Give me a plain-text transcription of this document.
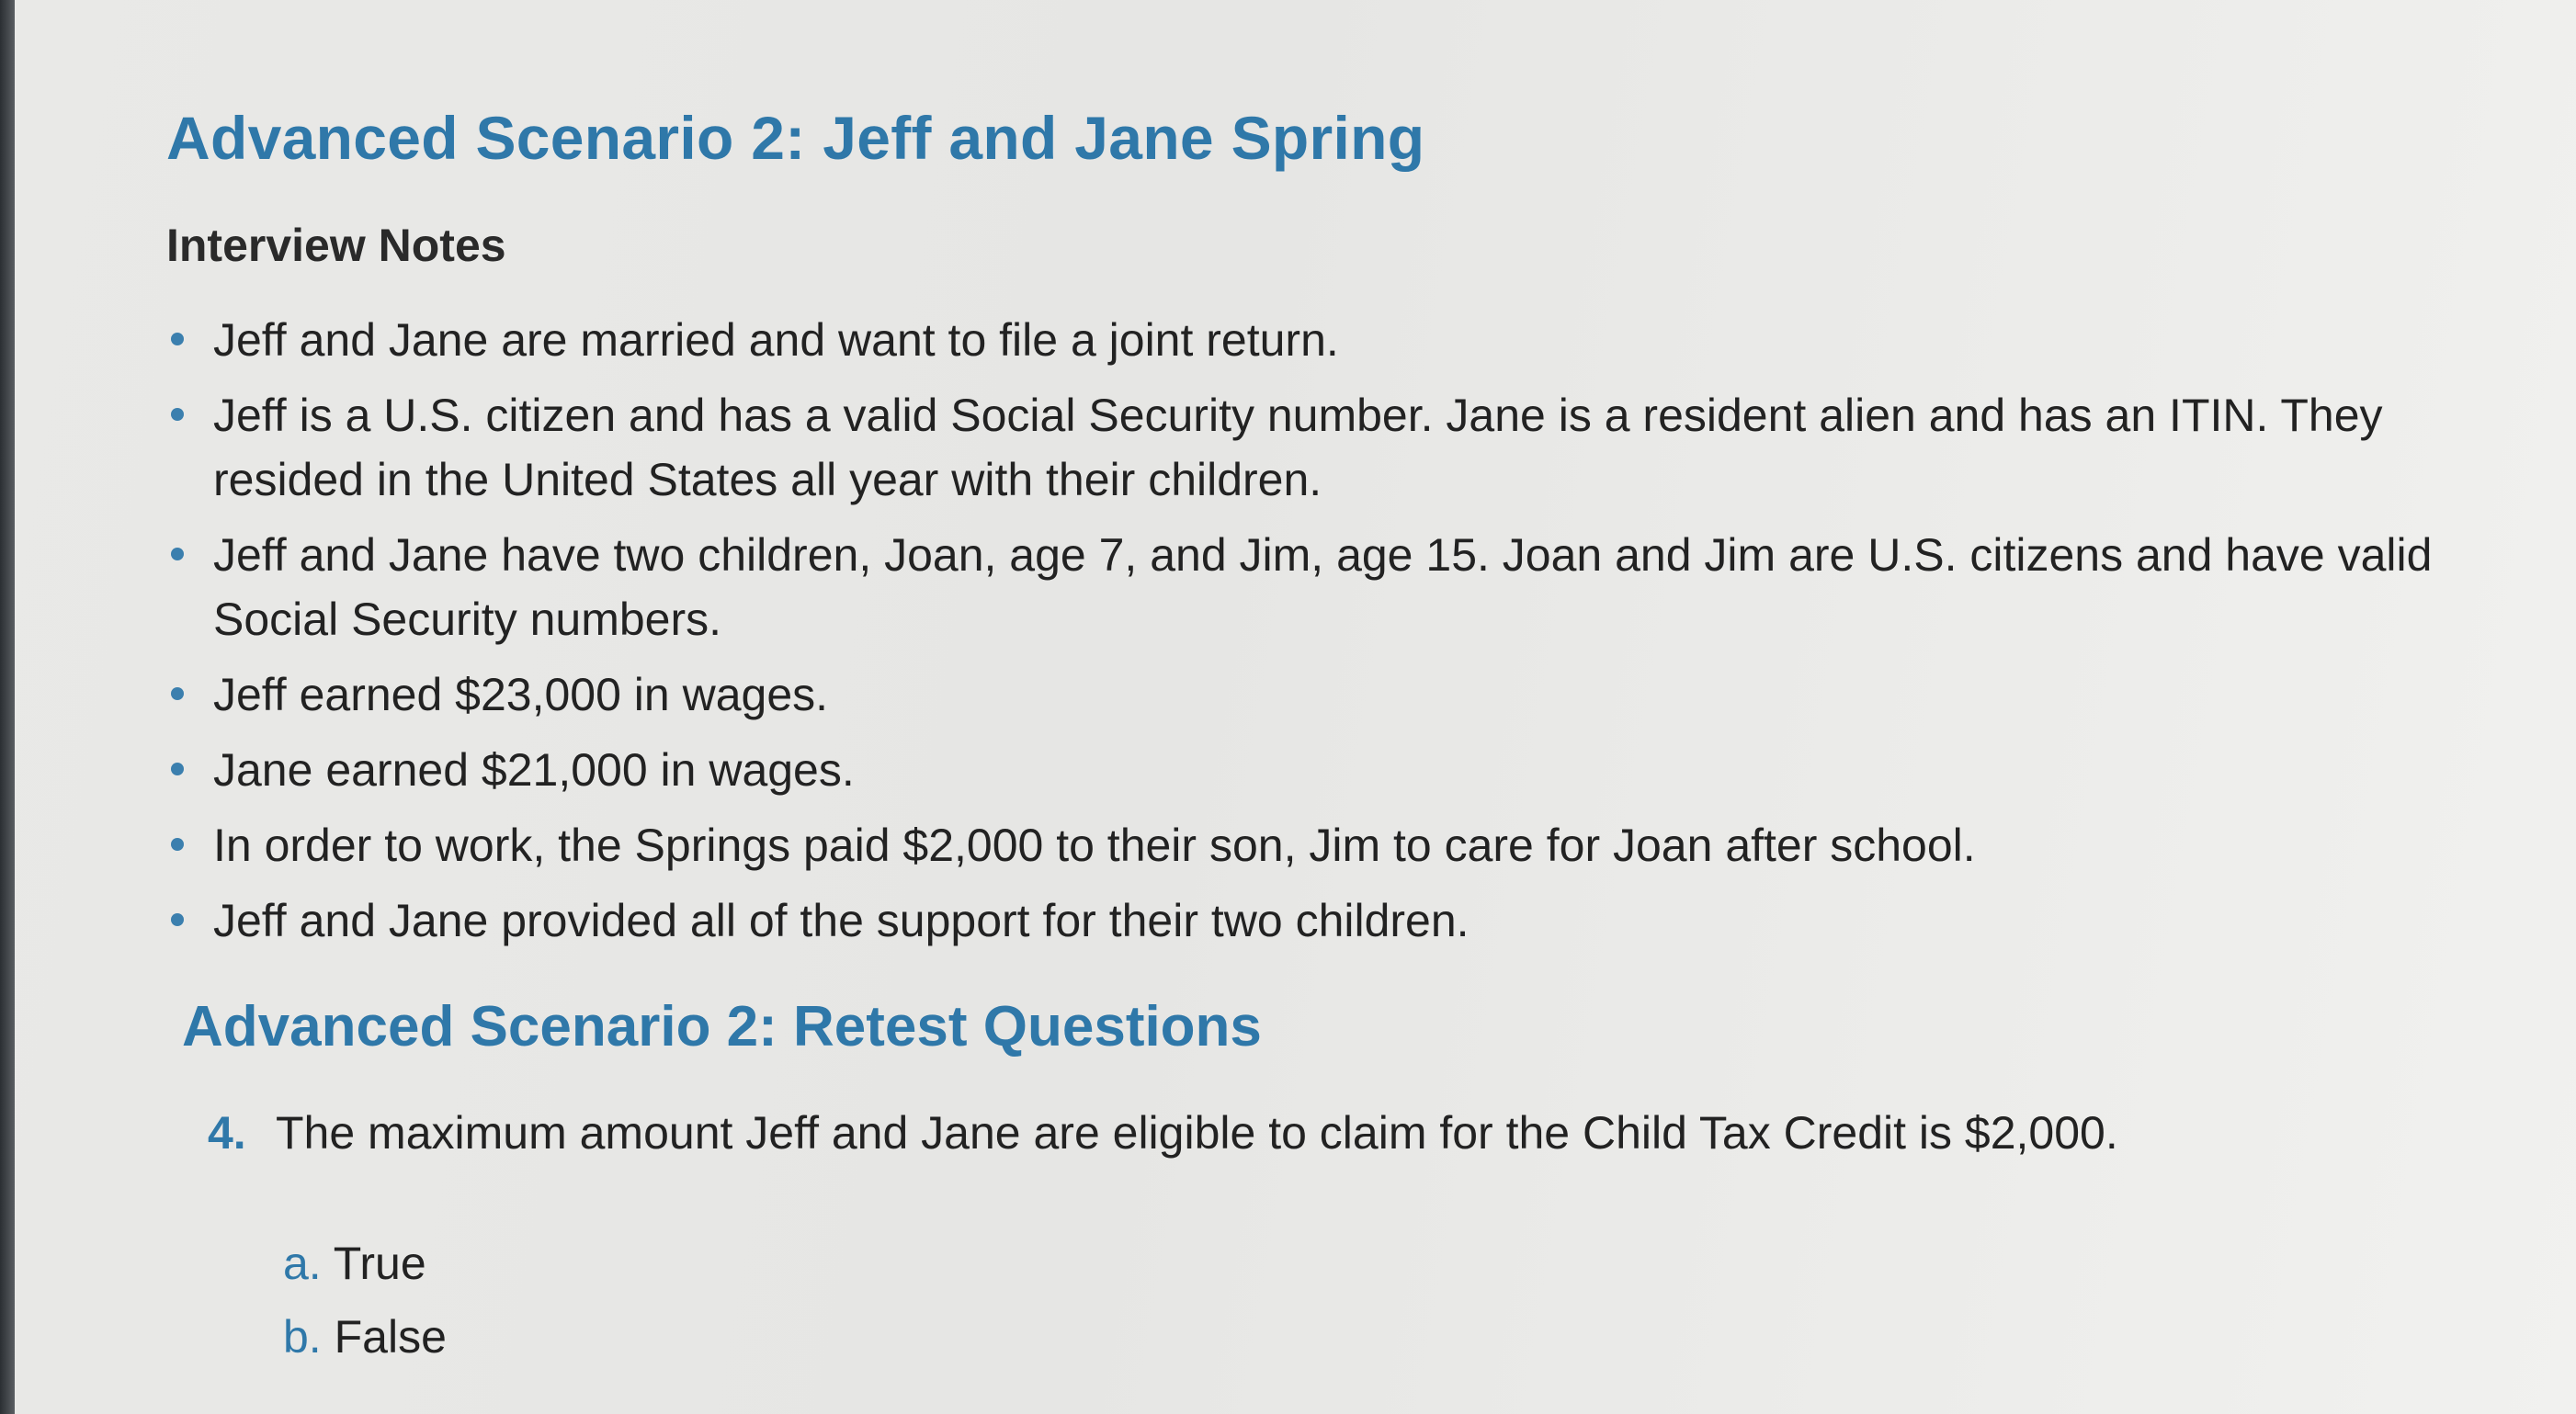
Advanced Scenario 2: Jeff and Jane Spring
Interview Notes
Jeff and Jane are married and want to file a joint return.
Jeff is a U.S. citizen and has a valid Social Security number. Jane is a resident alien and has an ITIN. They resided in the United States all year with their children.
Jeff and Jane have two children, Joan, age 7, and Jim, age 15. Joan and Jim are U.S. citizens and have valid Social Security numbers.
Jeff earned $23,000 in wages.
Jane earned $21,000 in wages.
In order to work, the Springs paid $2,000 to their son, Jim to care for Joan after school.
Jeff and Jane provided all of the support for their two children.
Advanced Scenario 2: Retest Questions
4. The maximum amount Jeff and Jane are eligible to claim for the Child Tax Credit is $2,000.
a. True
b. False
